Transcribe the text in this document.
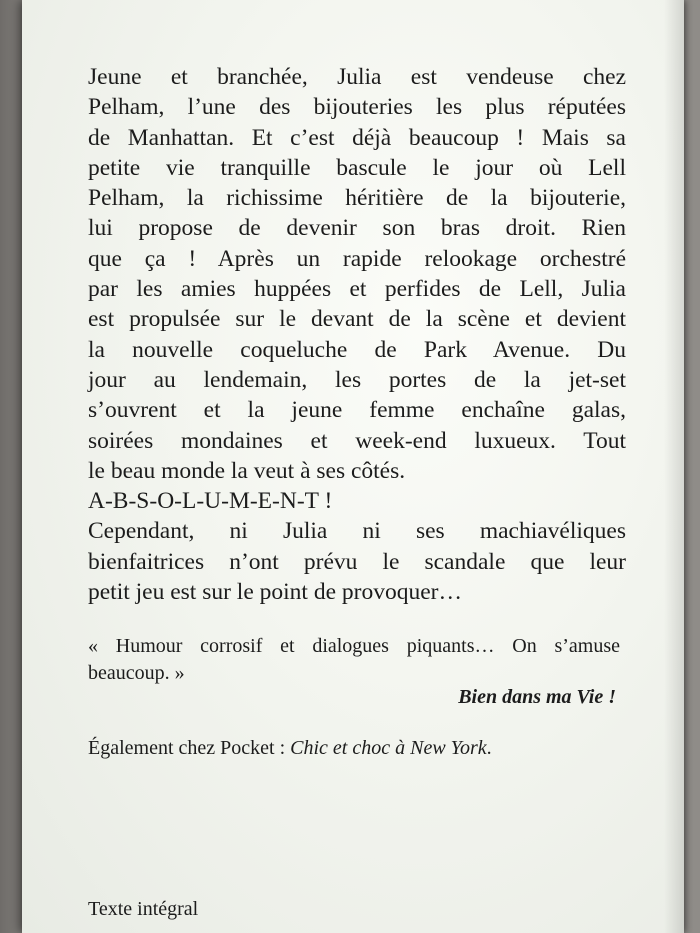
Jeune et branchée, Julia est vendeuse chez
Pelham, l’une des bijouteries les plus réputées
de Manhattan. Et c’est déjà beaucoup ! Mais sa
petite vie tranquille bascule le jour où Lell
Pelham, la richissime héritière de la bijouterie,
lui propose de devenir son bras droit. Rien
que ça ! Après un rapide relookage orchestré
par les amies huppées et perfides de Lell, Julia
est propulsée sur le devant de la scène et devient
la nouvelle coqueluche de Park Avenue. Du
jour au lendemain, les portes de la jet-set
s’ouvrent et la jeune femme enchaîne galas,
soirées mondaines et week-end luxueux. Tout
le beau monde la veut à ses côtés.
A-B-S-O-L-U-M-E-N-T !
Cependant, ni Julia ni ses machiavéliques
bienfaitrices n’ont prévu le scandale que leur
petit jeu est sur le point de provoquer…
« Humour corrosif et dialogues piquants… On s’amuse
beaucoup. »
Bien dans ma Vie !
Également chez Pocket : Chic et choc à New York.
Texte intégral
